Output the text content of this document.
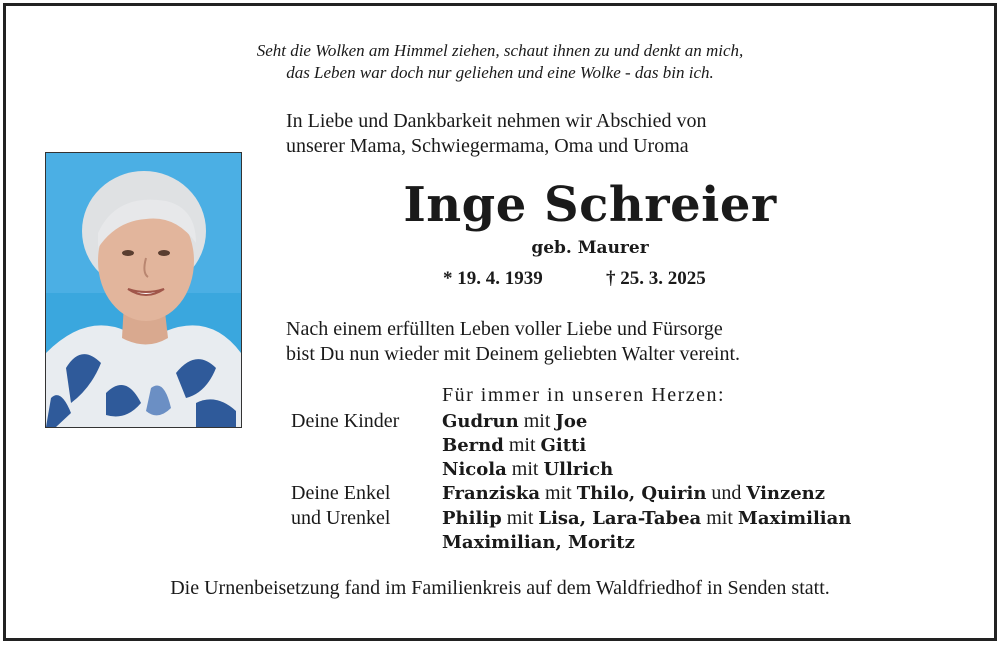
Seht die Wolken am Himmel ziehen, schaut ihnen zu und denkt an mich,
das Leben war doch nur geliehen und eine Wolke - das bin ich.
In Liebe und Dankbarkeit nehmen wir Abschied von
unserer Mama, Schwiegermama, Oma und Uroma
Inge Schreier
geb. Maurer
* 19. 4. 1939	† 25. 3. 2025
Nach einem erfüllten Leben voller Liebe und Fürsorge
bist Du nun wieder mit Deinem geliebten Walter vereint.
Für immer in unseren Herzen:
Deine Kinder Gudrun mit Joe
Bernd mit Gitti
Nicola mit Ullrich
Deine Enkel
und Urenkel
Franziska mit Thilo, Quirin und Vinzenz
Philip mit Lisa, Lara-Tabea mit Maximilian
Maximilian, Moritz
Die Urnenbeisetzung fand im Familienkreis auf dem Waldfriedhof in Senden statt.
